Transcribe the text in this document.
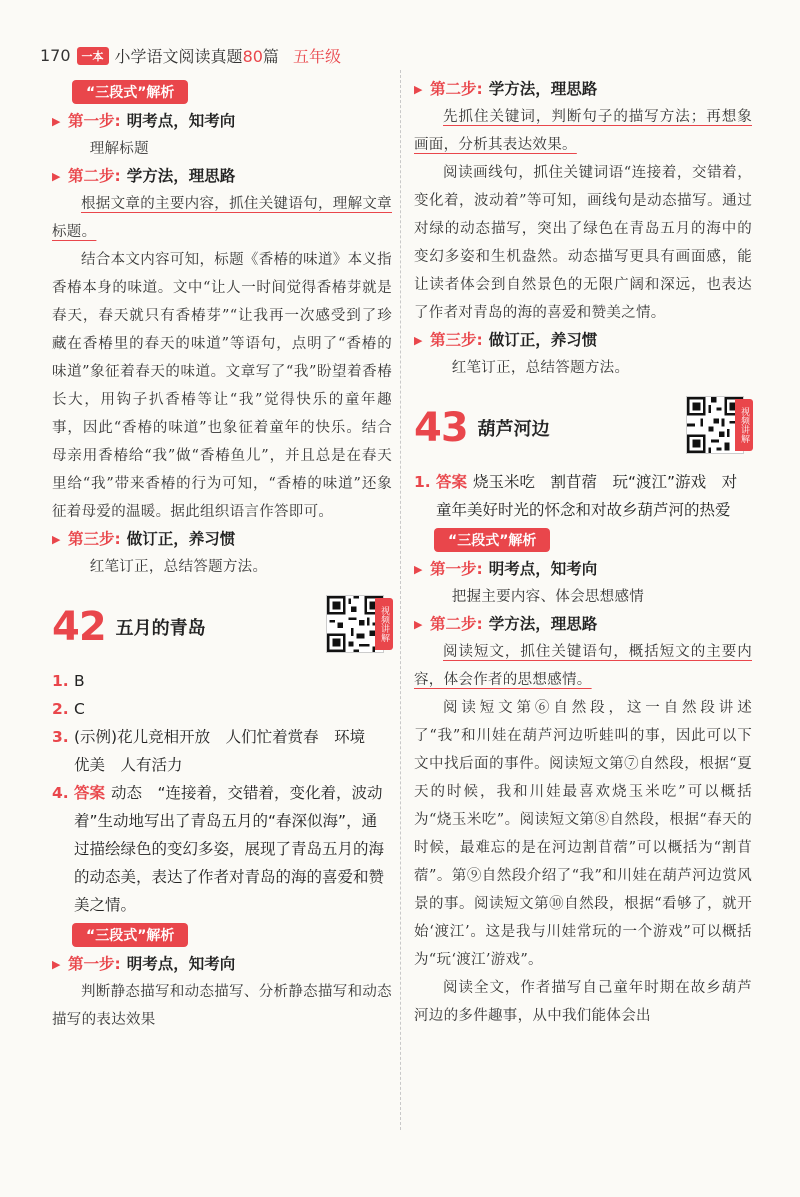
170	一本 小学语文阅读真题80篇 五年级
“三段式”解析
▶ 第一步: 明考点，知考向

理解标题

▶ 第二步: 学方法，理思路

根据文章的主要内容，抓住关键语句，理解文章标题。

结合本文内容可知，标题《香椿的味道》本义指香椿本身的味道。文中“让人一时间觉得香椿芽就是春天，春天就只有香椿芽”“让我再一次感受到了珍藏在香椿里的春天的味道”等语句，点明了“香椿的味道”象征着春天的味道。文章写了“我”盼望着香椿长大，用钩子扒香椿等让“我”觉得快乐的童年趣事，因此“香椿的味道”也象征着童年的快乐。结合母亲用香椿给“我”做“香椿鱼儿”，并且总是在春天里给“我”带来香椿的行为可知，“香椿的味道”还象征着母爱的温暖。据此组织语言作答即可。

▶ 第三步: 做订正，养习惯

红笔订正，总结答题方法。

42 五月的青岛	视频讲解
1. B
2. C
3. (示例)花儿竞相开放　人们忙着赏春　环境
优美　人有活力
4. 答案 动态　“连接着，交错着，变化着，波动
着”生动地写出了青岛五月的“春深似海”，通过描绘绿色的变幻多姿，展现了青岛五月的海的动态美，表达了作者对青岛的海的喜爱和赞美之情。
“三段式”解析
▶ 第一步: 明考点，知考向

判断静态描写和动态描写、分析静态描写和动态描写的表达效果

▶ 第二步: 学方法，理思路

先抓住关键词，判断句子的描写方法；再想象画面，分析其表达效果。

阅读画线句，抓住关键词语“连接着，交错着，变化着，波动着”等可知，画线句是动态描写。通过对绿的动态描写，突出了绿色在青岛五月的海中的变幻多姿和生机盎然。动态描写更具有画面感，能让读者体会到自然景色的无限广阔和深远，也表达了作者对青岛的海的喜爱和赞美之情。

▶ 第三步: 做订正，养习惯

红笔订正，总结答题方法。

43 葫芦河边	视频讲解
1. 答案 烧玉米吃　割苜蓿　玩“渡江”游戏　对
童年美好时光的怀念和对故乡葫芦河的热爱
“三段式”解析
▶ 第一步: 明考点，知考向

把握主要内容、体会思想感情

▶ 第二步: 学方法，理思路

阅读短文，抓住关键语句，概括短文的主要内容，体会作者的思想感情。

阅读短文第⑥自然段，这一自然段讲述了“我”和川娃在葫芦河边听蛙叫的事，因此可以下文中找后面的事件。阅读短文第⑦自然段，根据“夏天的时候，我和川娃最喜欢烧玉米吃”可以概括为“烧玉米吃”。阅读短文第⑧自然段，根据“春天的时候，最难忘的是在河边割苜蓿”可以概括为“割苜蓿”。第⑨自然段介绍了“我”和川娃在葫芦河边赏风景的事。阅读短文第⑩自然段，根据“看够了，就开始‘渡江’。这是我与川娃常玩的一个游戏”可以概括为“玩‘渡江’游戏”。

阅读全文，作者描写自己童年时期在故乡葫芦河边的多件趣事，从中我们能体会出
